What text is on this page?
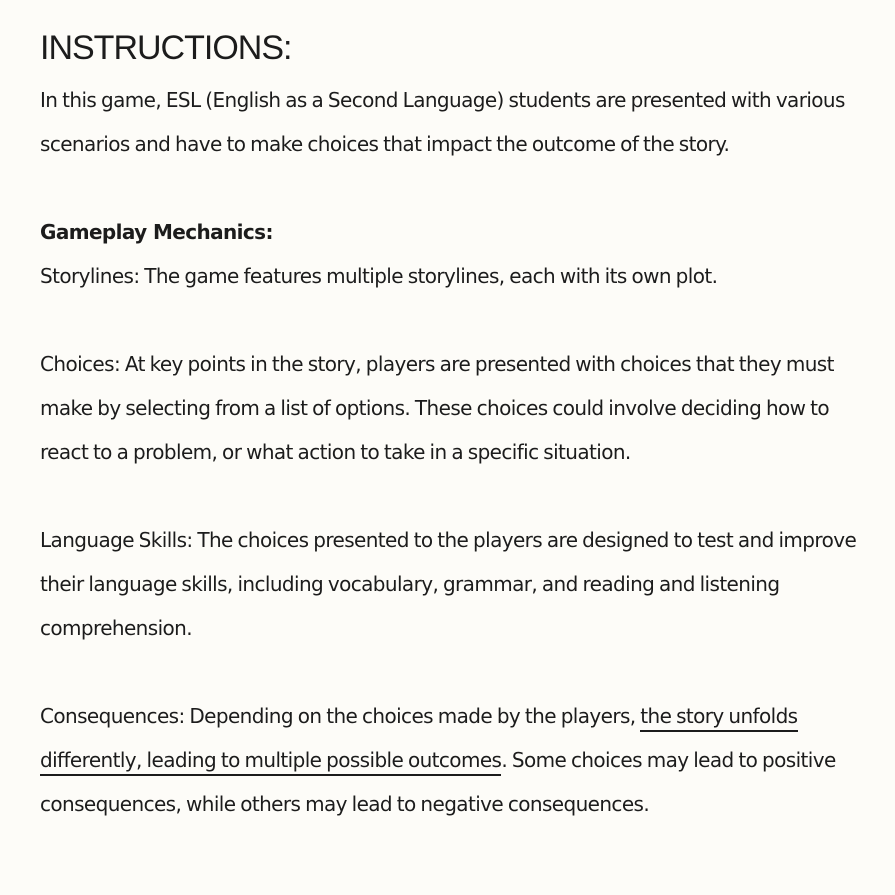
INSTRUCTIONS:

In this game, ESL (English as a Second Language) students are presented with various scenarios and have to make choices that impact the outcome of the story.

Gameplay Mechanics:

Storylines: The game features multiple storylines, each with its own plot.

Choices: At key points in the story, players are presented with choices that they must make by selecting from a list of options. These choices could involve deciding how to react to a problem, or what action to take in a specific situation.

Language Skills: The choices presented to the players are designed to test and improve their language skills, including vocabulary, grammar, and reading and listening comprehension.

Consequences: Depending on the choices made by the players, the story unfolds differently, leading to multiple possible outcomes. Some choices may lead to positive consequences, while others may lead to negative consequences.
